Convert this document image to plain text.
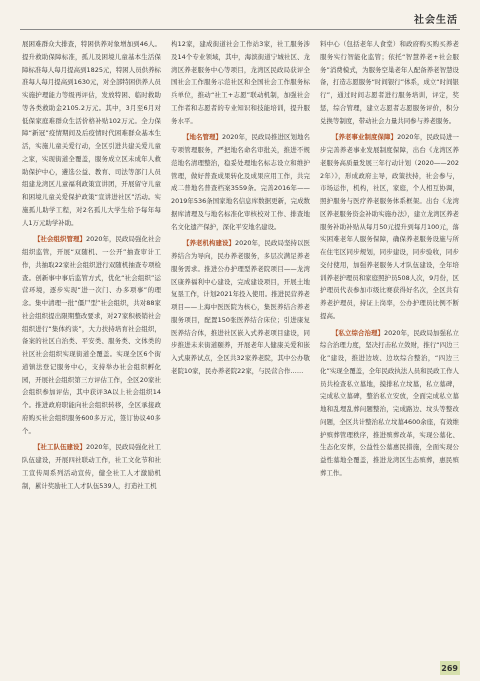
社会生活

展困难群众大排查，特困供养对象增加到46人。提升救助保障标准，孤儿及困境儿童基本生活保障标准每人每月提高到1825元，特困人员供养标准每人每月提高到1630元，对全部特困供养人员实施护理能力等级再评估，发放特困、临时救助等各类救助金2105.2万元。其中，3月至6月对低保家庭难群众生活价格补贴102万元。全力保障“新冠”疫情期间及后疫情时代困难群众基本生活，实施儿童关爱行动，全区引进共建关爱儿童之家，实现街道全覆盖，服务成立区未成年人救助保护中心，遴选公益、教育、司法等部门人员组建龙湾区儿童福利政策宣讲团，开展留守儿童和困境儿童关爱保护政策“宣讲进社区”活动。实施孤儿助学工程，对2名孤儿大学生给予每年每人1万元助学补助。

【社会组织管理】2020年，民政局强化社会组织监管，开展“双随机、一公开”抽查审计工作，共抽取22家社会组织进行双随机抽查专项检查。创新事中事后监管方式，优化“社会组织”运营环境，逐步实现“进一次门、办多项事”的理念。集中清理一批“僵尸型”社会组织，共对88家社会组织提出限期整改要求，对27家积极销社会组织进行“集体约谈”，大力扶持培育社会组织，备案的社区自治类、平安类、服务类、文体类的社区社会组织实现街道全覆盖。实现全区6个街道镇法登记服务中心，支持举办社会组织孵化园，开展社会组织第三方评估工作，全区20家社会组织参加评估，其中获评3A以上社会组织14个。推进政府职能向社会组织转移，全区承接政府购买社会组织服务600多万元，签订协议40多个。

【社工队伍建设】2020年，民政局强化社工队伍建设，开展四社联动工作，社工文化节和社工宣传周系列活动宣传，健全社工人才激励机制，累计奖励社工人才队伍539人，打造社工机

构12家，建成街道社会工作站3家，社工服务涉及14个专业领域，其中，海滨街道宁城社区、龙湾区养老服务中心等项目，龙湾区民政局获评全国社会工作服务示范社区和全国社会工作服务标兵单位，推动“社工+志愿”联动机制，加强社会工作者和志愿者的专业知识和技能培训，提升服务水平。

【地名管理】2020年，民政局推进区划地名专项管理服务，严把地名命名审批关，推进不规范地名清理整治，稳妥处理地名标志设立和维护管理，做好普查成果转化及成果应用工作，共完成二普地名普查档案3559条。完善2016年——2019年536条国家地名信息库数据更新，完成数据库清理及与地名标准化审核校对工作、排查地名文化遗产保护，深化平安地名建设。

【养老机构建设】2020年，民政局坚持以医养结合为导向，民办养老服务，多层次满足养老服务需求。推进公办护理型养老院项目——龙湾区康养福利中心建设，完成建设项目，开展土地复垦工作，计划2021年投入使用。推进民营养老项目——上海中医医院为核心，集医养结合养老服务项目，配置150张医养结合床位；引进康复医养结合体，推进社区嵌入式养老项目建设，同步推进未来街道颐养，开展老年人健康关爱和嵌入式康养试点，全区共32家养老院，其中公办敬老院10家，民办养老院22家，与民营合作……

料中心（包括老年人食堂）和政府购买购买养老服务实行智能化监管；依托“智慧养老+社会服务”消费模式，为服务空巢老年人配备养老智慧设备，打造志愿服务“时间银行”体系，成立“时间银行”，通过时间志愿者进行服务培训，评定，奖惩，综合管理，建立志愿者志愿服务评价，积分兑换等制度，带动社会力量共同参与养老服务。

【养老事业制度保障】2020年，民政局进一步完善养老事业发展制度保障，出台《龙湾区养老服务高质量发展三年行动计划（2020——2022年）》，形成政府主导，政策扶持，社会参与，市场运作，机构，社区，家庭，个人相互协调，照护服务与医疗养老服务体系框架。出台《龙湾区养老服务资金补助实施办法》，建立龙湾区养老服务补助补贴从每月50元提升到每月100元，落实困难老年人服务保障，确保养老服务设施与所在住宅区同步规划，同步建设，同步验收，同步交付使用，加强养老服务人才队伍建设，全年培训养老护理员和家庭照护员508人次，9月份，区护理员代表参加市级比赛获得好名次，全区共有养老护理员，持证上岗率，公办护理员比例不断提高。

【私立综合治理】2020年，民政局加强私立综合治理力度，坚决打击私立敛财，推行“四边三化”建设，推进边坡、边坎综合整治，“四边三化”实现全覆盖，全年民政执法人员和民政工作人员共检查私立墓地，摸排私立坟墓，私立墓碑，完成私立墓碑，整治私立安放，全面完成私立墓地和乱埋乱葬问题整治，完成路边、坟头等整改问题，全区共计整治私立坟墓4600余座，有效维护殡葬管理秩序，推进殡葬改革，实现公墓化、生态化安葬，公益性公墓惠民措施，全面实现公益性墓地全覆盖，推进龙湾区生态殡葬，惠民殡葬工作。

269
